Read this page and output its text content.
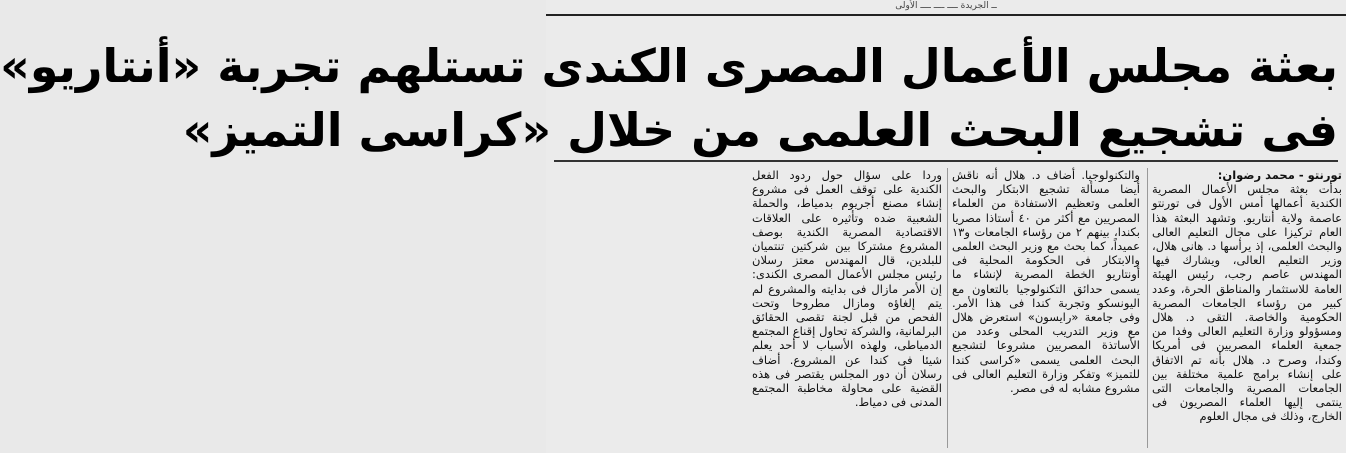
ــ الجريدة ــــ ــــ ــــ الأولى
بعثة مجلس الأعمال المصرى الكندى تستلهم تجربة «أنتاريو»
فى تشجيع البحث العلمى من خلال «كراسى التميز»

تورنتو - محمد رضوان:

بدأت بعثة مجلس الأعمال المصرية الكندية أعمالها أمس الأول فى تورنتو عاصمة ولاية أنتاريو. وتشهد البعثة هذا العام تركيزا على مجال التعليم العالى والبحث العلمى، إذ يرأسها د. هانى هلال، وزير التعليم العالى، ويشارك فيها المهندس عاصم رجب، رئيس الهيئة العامة للاستثمار والمناطق الحرة، وعدد كبير من رؤساء الجامعات المصرية الحكومية والخاصة. التقى د. هلال ومسؤولو وزارة التعليم العالى وفدا من جمعية العلماء المصريين فى أمريكا وكندا، وصرح د. هلال بأنه تم الاتفاق على إنشاء برامج علمية مختلفة بين الجامعات المصرية والجامعات التى ينتمى إليها العلماء المصريون فى الخارج، وذلك فى مجال العلوم

والتكنولوجيا. أضاف د. هلال أنه ناقش أيضا مسألة تشجيع الابتكار والبحث العلمى وتعظيم الاستفادة من العلماء المصريين مع أكثر من ٤٠ أستاذا مصريا بكندا، بينهم ٢ من رؤساء الجامعات و١٣ عميداً، كما بحث مع وزير البحث العلمى والابتكار فى الحكومة المحلية فى أونتاريو الخطة المصرية لإنشاء ما يسمى حدائق التكنولوجيا بالتعاون مع اليونسكو وتجربة كندا فى هذا الأمر. وفى جامعة «رايسون» استعرض هلال مع وزير التدريب المحلى وعدد من الأساتذة المصريين مشروعا لتشجيع البحث العلمى يسمى «كراسى كندا للتميز» وتفكر وزارة التعليم العالى فى مشروع مشابه له فى مصر.

وردا على سؤال حول ردود الفعل الكندية على توقف العمل فى مشروع إنشاء مصنع أجريوم بدمياط، والحملة الشعبية ضده وتأثيره على العلاقات الاقتصادية المصرية الكندية بوصف المشروع مشتركا بين شركتين تنتميان للبلدين، قال المهندس معتز رسلان رئيس مجلس الأعمال المصرى الكندى: إن الأمر مازال فى بدايته والمشروع لم يتم إلغاؤه ومازال مطروحا وتحت الفحص من قبل لجنة تقصى الحقائق البرلمانية، والشركة تحاول إقناع المجتمع الدمياطى، ولهذه الأسباب لا أحد يعلم شيئا فى كندا عن المشروع. أضاف رسلان أن دور المجلس يقتصر فى هذه القضية على محاولة مخاطبة المجتمع المدنى فى دمياط.
